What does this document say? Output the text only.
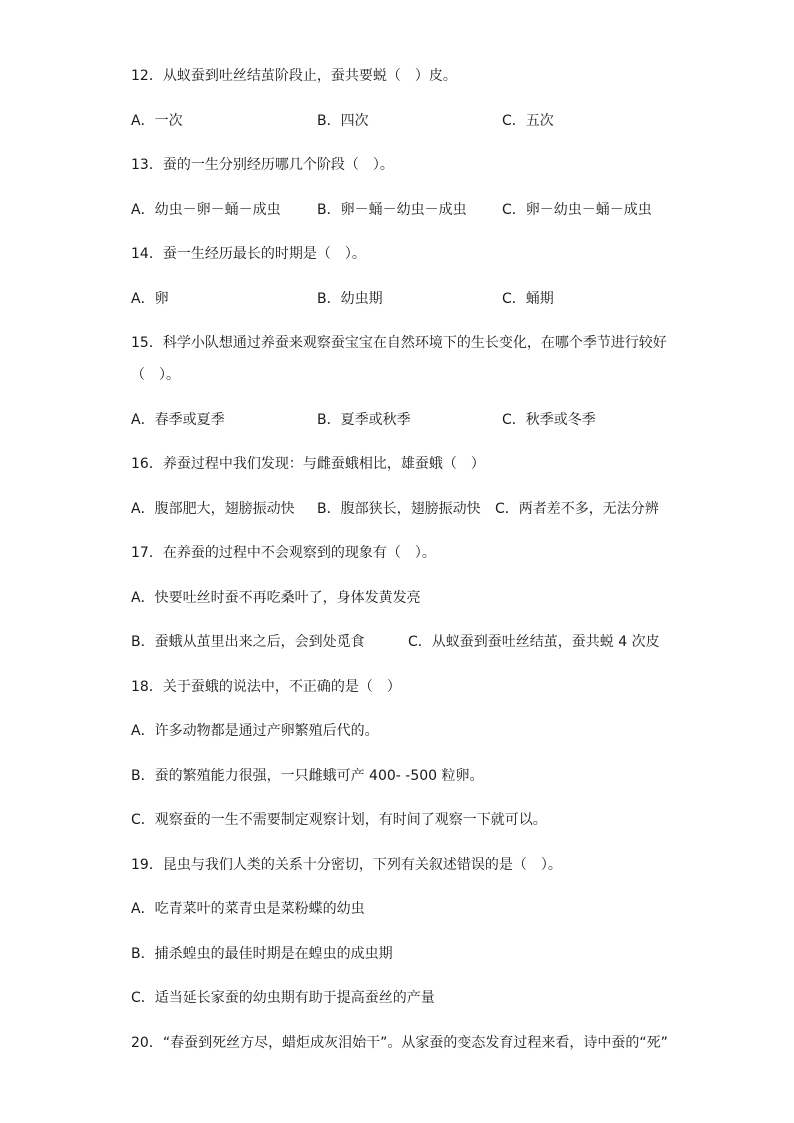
12．从蚁蚕到吐丝结茧阶段止，蚕共要蜕（　）皮。
A．一次	B．四次	C．五次
13．蚕的一生分别经历哪几个阶段（　）。
A．幼虫－卵－蛹－成虫	B．卵－蛹－幼虫－成虫	C．卵－幼虫－蛹－成虫
14．蚕一生经历最长的时期是（　）。
A．卵	B．幼虫期	C．蛹期
15．科学小队想通过养蚕来观察蚕宝宝在自然环境下的生长变化，在哪个季节进行较好
（　）。
A．春季或夏季	B．夏季或秋季	C．秋季或冬季
16．养蚕过程中我们发现：与雌蚕蛾相比，雄蚕蛾（　）
A．腹部肥大，翅膀振动快 B．腹部狭长，翅膀振动快 C．两者差不多，无法分辨
17．在养蚕的过程中不会观察到的现象有（　）。
A．快要吐丝时蚕不再吃桑叶了，身体发黄发亮
B．蚕蛾从茧里出来之后，会到处觅食	C．从蚁蚕到蚕吐丝结茧，蚕共蜕 4 次皮
18．关于蚕蛾的说法中，不正确的是（　）
A．许多动物都是通过产卵繁殖后代的。
B．蚕的繁殖能力很强，一只雌蛾可产 400- -500 粒卵。
C．观察蚕的一生不需要制定观察计划，有时间了观察一下就可以。
19．昆虫与我们人类的关系十分密切，下列有关叙述错误的是（　）。
A．吃青菜叶的菜青虫是菜粉蝶的幼虫
B．捕杀蝗虫的最佳时期是在蝗虫的成虫期
C．适当延长家蚕的幼虫期有助于提高蚕丝的产量
20．“春蚕到死丝方尽，蜡炬成灰泪始干”。从家蚕的变态发育过程来看，诗中蚕的“死”
